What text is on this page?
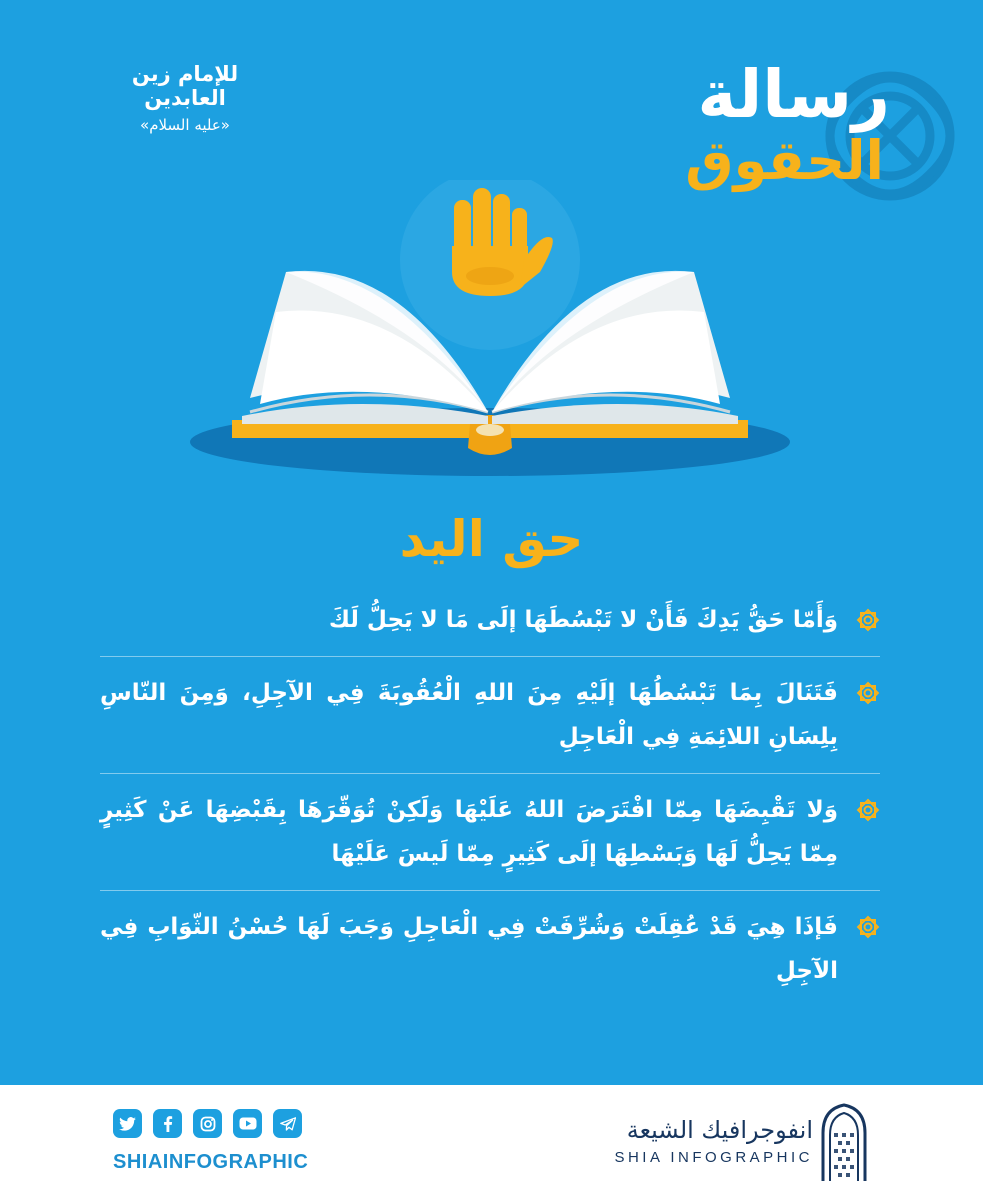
رسالة
الحقوق
للإمام زين العابدين
«عليه السلام»
حق اليد
وَأَمّا حَقُّ يَدِكَ فَأَنْ لا تَبْسُطَهَا إلَى مَا لا يَحِلُّ لَكَ
فَتَنَالَ بِمَا تَبْسُطُهَا إلَيْهِ مِنَ اللهِ الْعُقُوبَةَ فِي الآجِلِ، وَمِنَ النّاسِ بِلِسَانِ اللائِمَةِ فِي الْعَاجِلِ
وَلا تَقْبِضَهَا مِمّا افْتَرَضَ اللهُ عَلَيْهَا وَلَكِنْ تُوَقّرَهَا بِقَبْضِهَا عَنْ كَثِيرٍ مِمّا يَحِلُّ لَهَا وَبَسْطِهَا إلَى كَثِيرٍ مِمّا لَيسَ عَلَيْهَا
فَإذَا هِيَ قَدْ عُقِلَتْ وَشُرِّفَتْ فِي الْعَاجِلِ وَجَبَ لَهَا حُسْنُ الثّوَابِ فِي الآجِلِ
SHIAINFOGRAPHIC
انفوجرافيك الشيعة
SHIA INFOGRAPHIC
